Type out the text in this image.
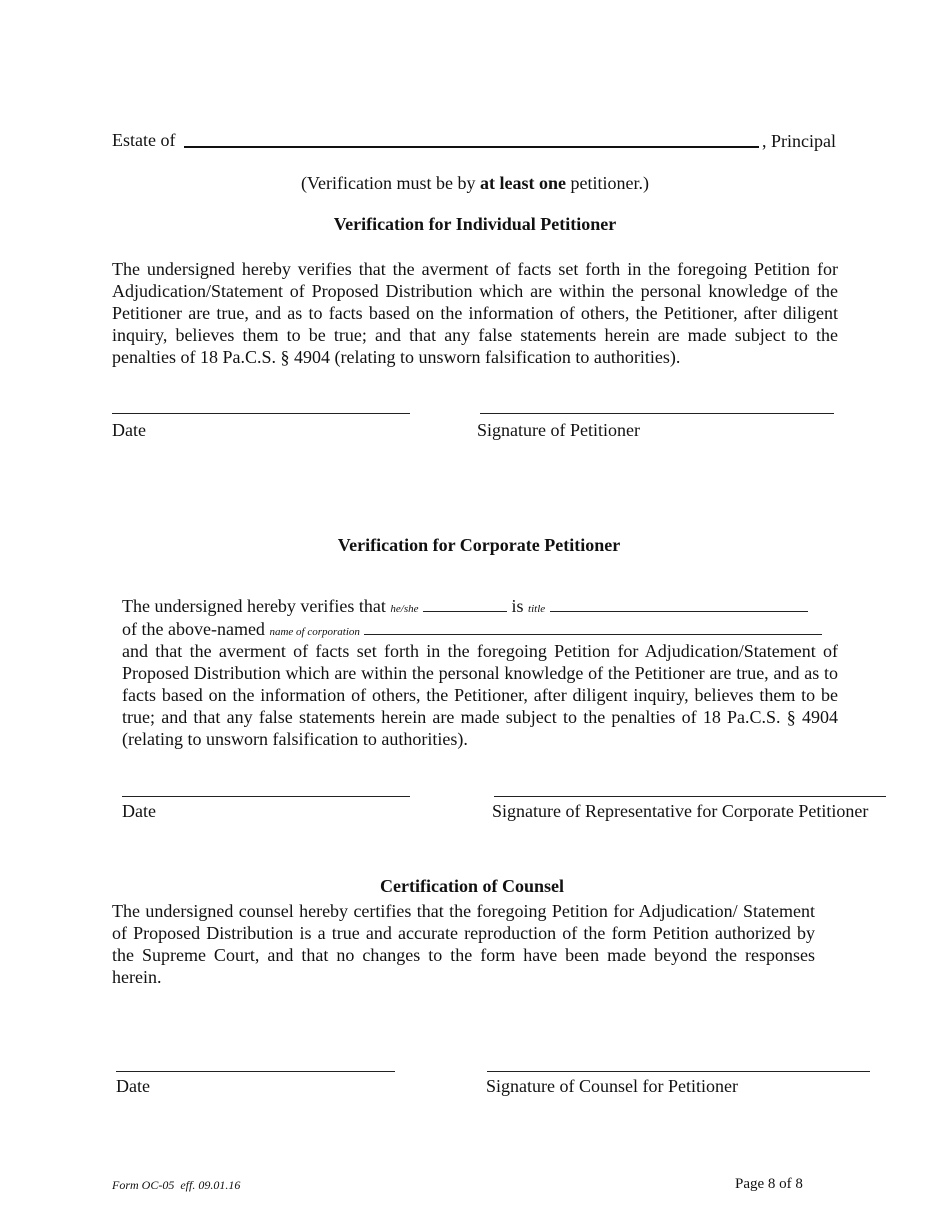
Estate of	, Principal
(Verification must be by at least one petitioner.)
Verification for Individual Petitioner
The undersigned hereby verifies that the averment of facts set forth in the foregoing Petition for Adjudication/Statement of Proposed Distribution which are within the personal knowledge of the Petitioner are true, and as to facts based on the information of others, the Petitioner, after diligent inquiry, believes them to be true; and that any false statements herein are made subject to the penalties of 18 Pa.C.S. § 4904 (relating to unsworn falsification to authorities).
Date	Signature of Petitioner
Verification for Corporate Petitioner
The undersigned hereby verifies that he/she	is title
of the above-named name of corporation
and that the averment of facts set forth in the foregoing Petition for Adjudication/Statement of Proposed Distribution which are within the personal knowledge of the Petitioner are true, and as to facts based on the information of others, the Petitioner, after diligent inquiry, believes them to be true; and that any false statements herein are made subject to the penalties of 18 Pa.C.S. § 4904 (relating to unsworn falsification to authorities).
Date	Signature of Representative for Corporate Petitioner
Certification of Counsel
The undersigned counsel hereby certifies that the foregoing Petition for Adjudication/ Statement of Proposed Distribution is a true and accurate reproduction of the form Petition authorized by the Supreme Court, and that no changes to the form have been made beyond the responses herein.
Date	Signature of Counsel for Petitioner
Form OC-05  eff. 09.01.16	Page 8 of 8
